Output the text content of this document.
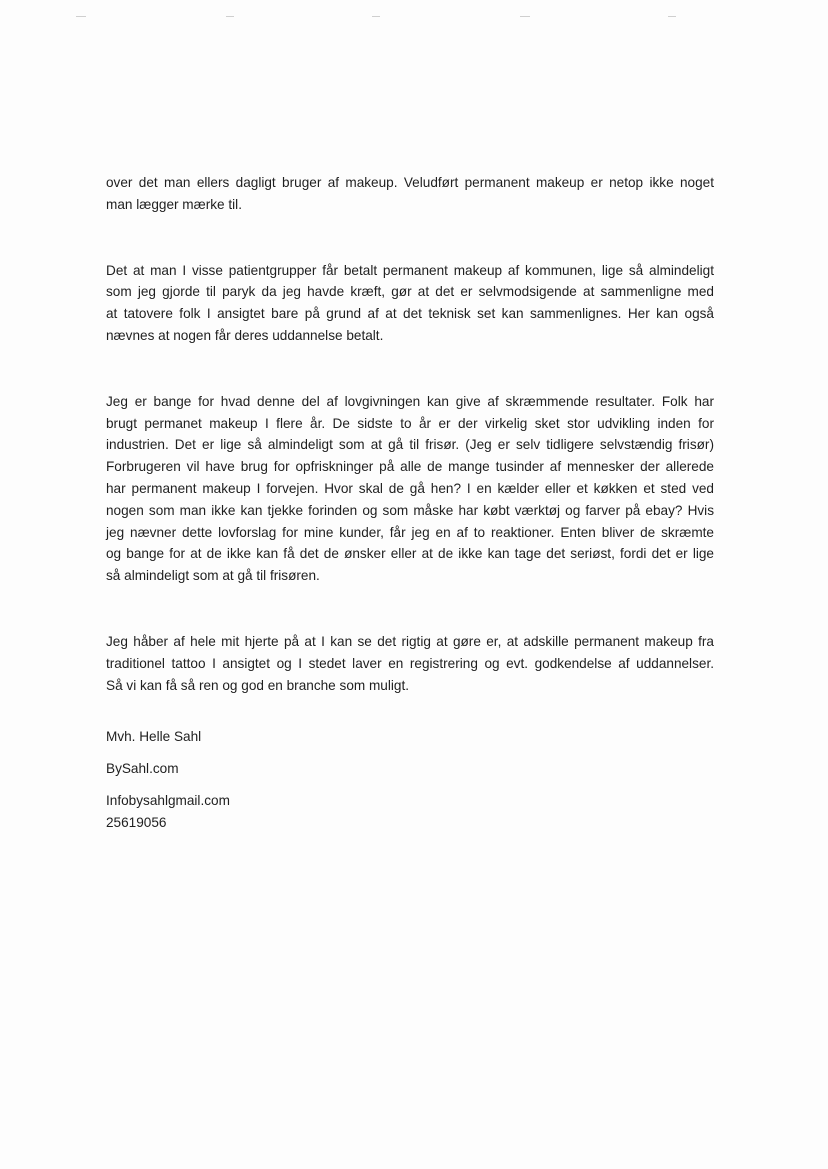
over det man ellers dagligt bruger af makeup. Veludført permanent makeup er netop ikke noget
man lægger mærke til.
Det at man I visse patientgrupper får betalt permanent makeup af kommunen, lige så almindeligt
som jeg gjorde til paryk da jeg havde kræft, gør at det er selvmodsigende at sammenligne med
at tatovere folk I ansigtet bare på grund af at det teknisk set kan sammenlignes. Her kan også
nævnes at nogen får deres uddannelse betalt.
Jeg er bange for hvad denne del af lovgivningen kan give af skræmmende resultater. Folk har
brugt permanet makeup I flere år. De sidste to år er der virkelig sket stor udvikling inden for
industrien. Det er lige så almindeligt som at gå til frisør. (Jeg er selv tidligere selvstændig frisør)
Forbrugeren vil have brug for opfriskninger på alle de mange tusinder af mennesker der allerede
har permanent makeup I forvejen. Hvor skal de gå hen? I en kælder eller et køkken et sted ved
nogen som man ikke kan tjekke forinden og som måske har købt værktøj og farver på ebay? Hvis
jeg nævner dette lovforslag for mine kunder, får jeg en af to reaktioner. Enten bliver de skræmte
og bange for at de ikke kan få det de ønsker eller at de ikke kan tage det seriøst, fordi det er lige
så almindeligt som at gå til frisøren.
Jeg håber af hele mit hjerte på at I kan se det rigtig at gøre er, at adskille permanent makeup fra
traditionel tattoo I ansigtet og I stedet laver en registrering og evt. godkendelse af uddannelser.
Så vi kan få så ren og god en branche som muligt.
Mvh. Helle Sahl
BySahl.com
Infobysahlgmail.com
25619056
